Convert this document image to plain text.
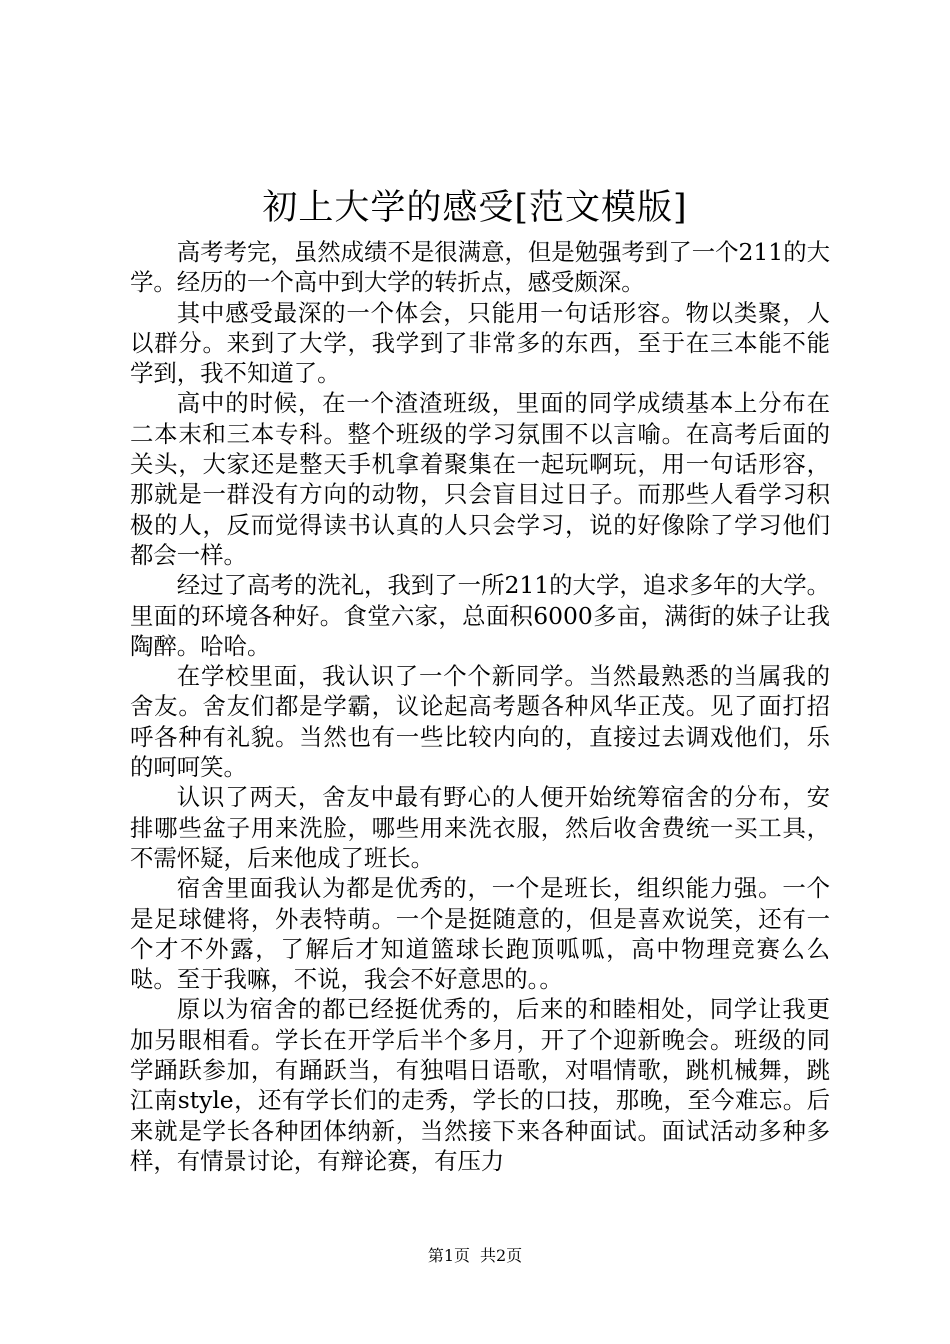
初上大学的感受[范文模版]

高考考完，虽然成绩不是很满意，但是勉强考到了一个211的大学。经历的一个高中到大学的转折点，感受颇深。

其中感受最深的一个体会，只能用一句话形容。物以类聚，人以群分。来到了大学，我学到了非常多的东西，至于在三本能不能学到，我不知道了。

高中的时候，在一个渣渣班级，里面的同学成绩基本上分布在二本末和三本专科。整个班级的学习氛围不以言喻。在高考后面的关头，大家还是整天手机拿着聚集在一起玩啊玩，用一句话形容，那就是一群没有方向的动物，只会盲目过日子。而那些人看学习积极的人，反而觉得读书认真的人只会学习，说的好像除了学习他们都会一样。

经过了高考的洗礼，我到了一所211的大学，追求多年的大学。里面的环境各种好。食堂六家，总面积6000多亩，满街的妹子让我陶醉。哈哈。

在学校里面，我认识了一个个新同学。当然最熟悉的当属我的舍友。舍友们都是学霸，议论起高考题各种风华正茂。见了面打招呼各种有礼貌。当然也有一些比较内向的，直接过去调戏他们，乐的呵呵笑。

认识了两天，舍友中最有野心的人便开始统筹宿舍的分布，安排哪些盆子用来洗脸，哪些用来洗衣服，然后收舍费统一买工具，不需怀疑，后来他成了班长。

宿舍里面我认为都是优秀的，一个是班长，组织能力强。一个是足球健将，外表特萌。一个是挺随意的，但是喜欢说笑，还有一个才不外露，了解后才知道篮球长跑顶呱呱，高中物理竞赛么么哒。至于我嘛，不说，我会不好意思的。。

原以为宿舍的都已经挺优秀的，后来的和睦相处，同学让我更加另眼相看。学长在开学后半个多月，开了个迎新晚会。班级的同学踊跃参加，有踊跃当，有独唱日语歌，对唱情歌，跳机械舞，跳江南style，还有学长们的走秀，学长的口技，那晚，至今难忘。后来就是学长各种团体纳新，当然接下来各种面试。面试活动多种多样，有情景讨论，有辩论赛，有压力

第1页 共2页
